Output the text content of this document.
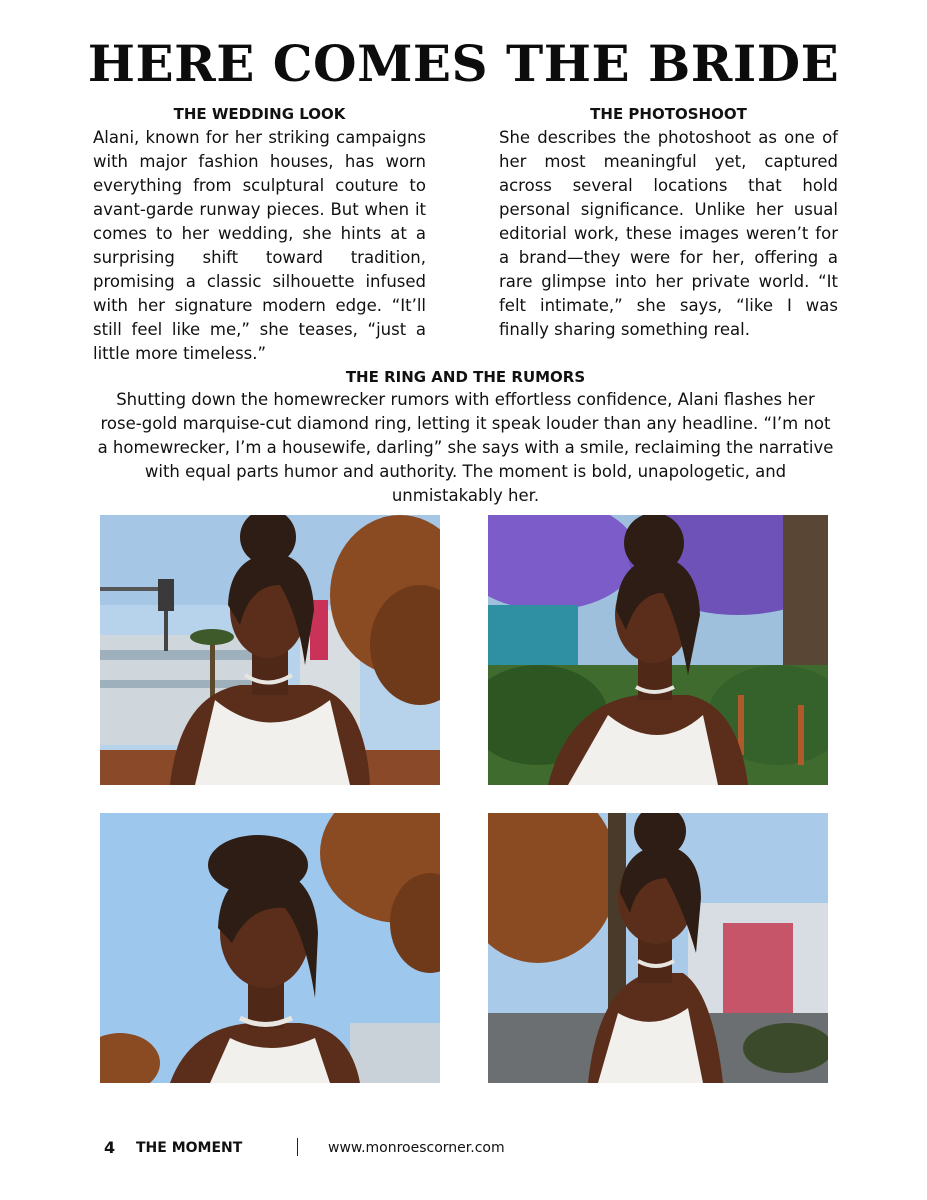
HERE COMES THE BRIDE
THE WEDDING LOOK
Alani, known for her striking campaigns with major fashion houses, has worn everything from sculptural couture to avant-garde runway pieces. But when it comes to her wedding, she hints at a surprising shift toward tradition, promising a classic silhouette infused with her signature modern edge. “It’ll still feel like me,” she teases, “just a little more timeless.”
THE PHOTOSHOOT
She describes the photoshoot as one of her most meaningful yet, captured across several locations that hold personal significance. Unlike her usual editorial work, these images weren’t for a brand—they were for her, offering a rare glimpse into her private world. “It felt intimate,” she says, “like I was finally sharing something real.
THE RING AND THE RUMORS
Shutting down the homewrecker rumors with effortless confidence, Alani flashes her rose-gold marquise-cut diamond ring, letting it speak louder than any headline. “I’m not a homewrecker, I’m a housewife, darling” she says with a smile, reclaiming the narrative with equal parts humor and authority. The moment is bold, unapologetic, and unmistakably her.
4 THE MOMENT	www.monroescorner.com
